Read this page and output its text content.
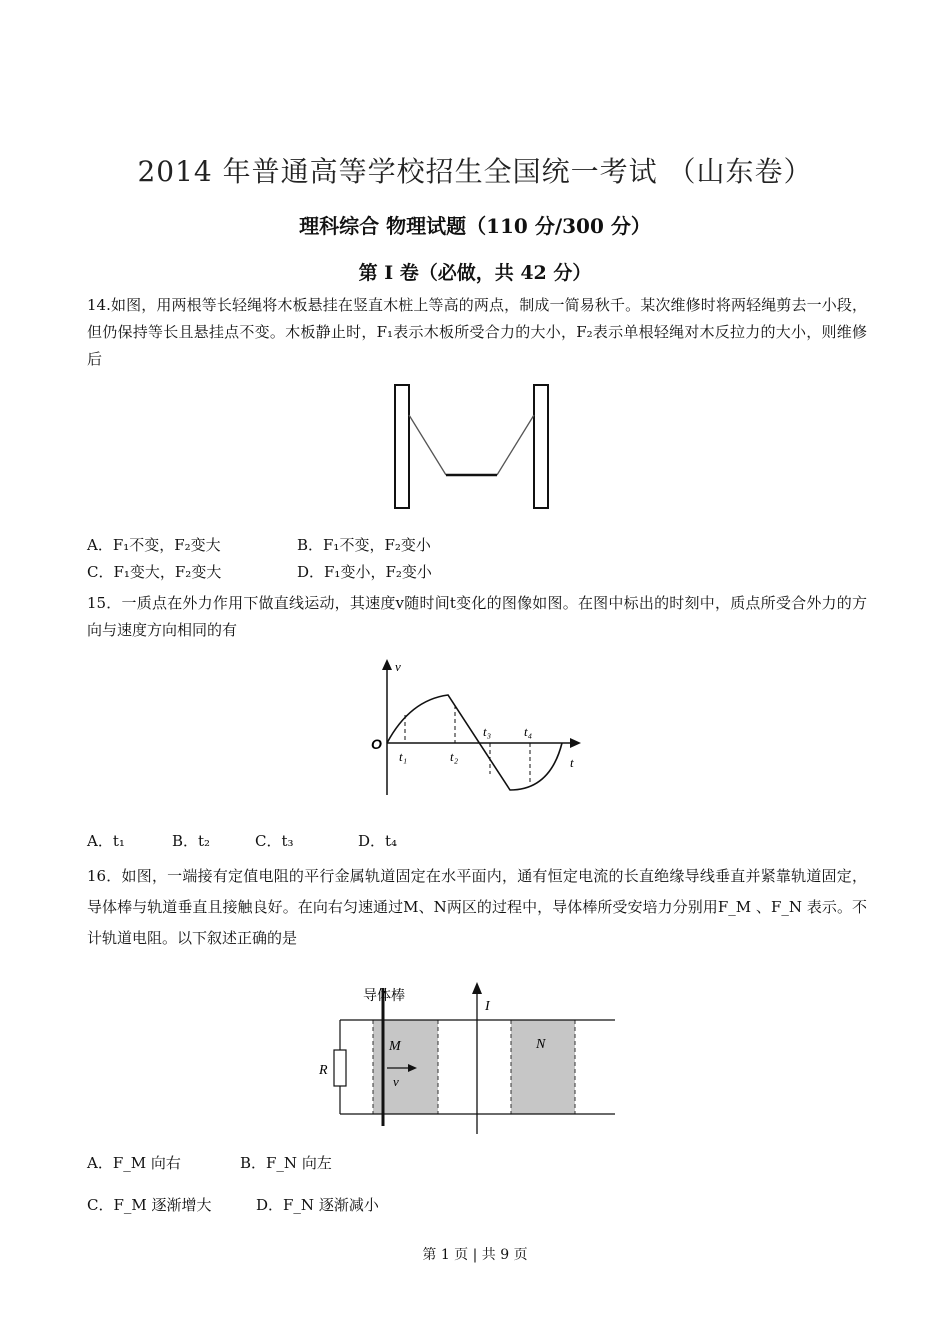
2014 年普通高等学校招生全国统一考试 （山东卷）
理科综合 物理试题（110 分/300 分）
第 Ⅰ 卷（必做，共 42 分）

14.如图，用两根等长轻绳将木板悬挂在竖直木桩上等高的两点，制成一简易秋千。某次维修时将两轻绳剪去一小段，但仍保持等长且悬挂点不变。木板静止时，F₁表示木板所受合力的大小，F₂表示单根轻绳对木反拉力的大小，则维修后

A．F₁不变，F₂变大	B．F₁不变，F₂变小
C．F₁变大，F₂变大	D．F₁变小，F₂变小

15．一质点在外力作用下做直线运动，其速度v随时间t变化的图像如图。在图中标出的时刻中，质点所受合外力的方向与速度方向相同的有

v
t
O
t₁	t₂
t₃	t₄
A．t₁	B．t₂	C．t₃	D．t₄

16．如图，一端接有定值电阻的平行金属轨道固定在水平面内，通有恒定电流的长直绝缘导线垂直并紧靠轨道固定，导体棒与轨道垂直且接触良好。在向右匀速通过M、N两区的过程中，导体棒所受安培力分别用F_M 、F_N 表示。不计轨道电阻。以下叙述正确的是

导体棒
I
R
M	N
v
A．F_M 向右	B．F_N 向左
C．F_M 逐渐增大	D．F_N 逐渐减小
第 1 页 | 共 9 页
